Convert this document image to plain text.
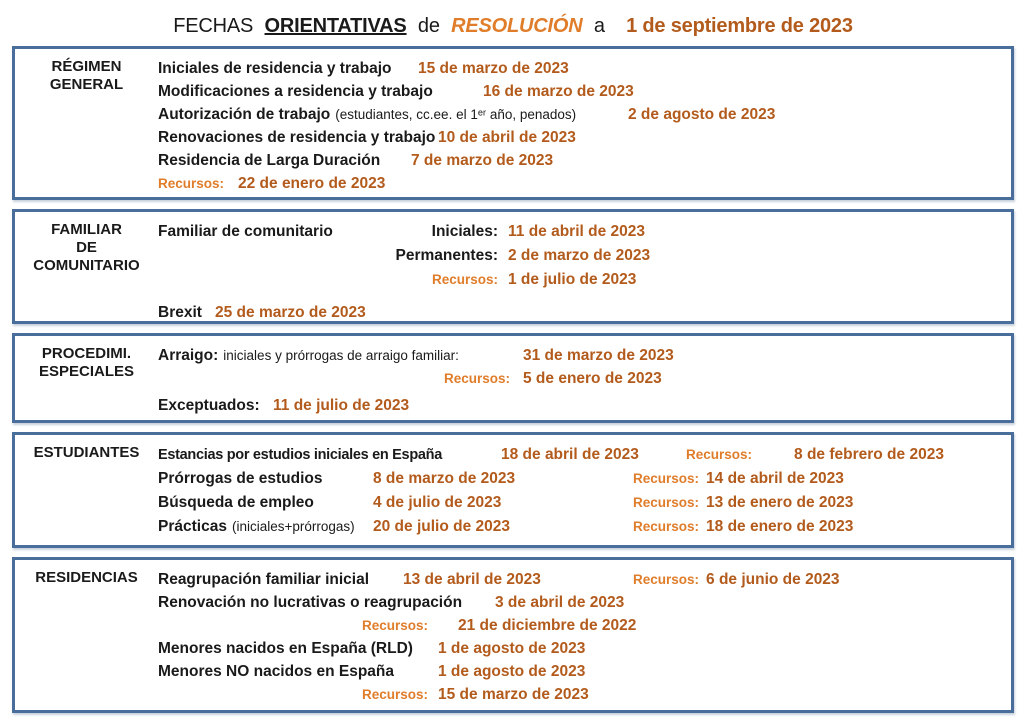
FECHAS ORIENTATIVAS de RESOLUCIÓN a 1 de septiembre de 2023
RÉGIMEN
GENERAL
Iniciales de residencia y trabajo 15 de marzo de 2023
Modificaciones a residencia y trabajo	16 de marzo de 2023
Autorización de trabajo (estudiantes, cc.ee. el 1ᵉʳ año, penados)	2 de agosto de 2023
Renovaciones de residencia y trabajo 10 de abril de 2023
Residencia de Larga Duración 7 de marzo de 2023
Recursos: 22 de enero de 2023
FAMILIAR
DE
COMUNITARIO
Familiar de comunitario	Iniciales: 11 de abril de 2023
Permanentes: 2 de marzo de 2023
Recursos: 1 de julio de 2023
Brexit 25 de marzo de 2023
PROCEDIMI.
ESPECIALES
Arraigo: iniciales y prórrogas de arraigo familiar:	31 de marzo de 2023
Recursos: 5 de enero de 2023
Exceptuados: 11 de julio de 2023
ESTUDIANTES	Estancias por estudios iniciales en España	18 de abril de 2023	Recursos:	8 de febrero de 2023
Prórrogas de estudios	8 de marzo de 2023	Recursos: 14 de abril de 2023
Búsqueda de empleo	4 de julio de 2023	Recursos: 13 de enero de 2023
Prácticas (iniciales+prórrogas) 20 de julio de 2023	Recursos: 18 de enero de 2023
RESIDENCIAS	Reagrupación familiar inicial 13 de abril de 2023	Recursos: 6 de junio de 2023
Renovación no lucrativas o reagrupación 3 de abril de 2023
Recursos: 21 de diciembre de 2022
Menores nacidos en España (RLD) 1 de agosto de 2023
Menores NO nacidos en España	1 de agosto de 2023
Recursos: 15 de marzo de 2023
